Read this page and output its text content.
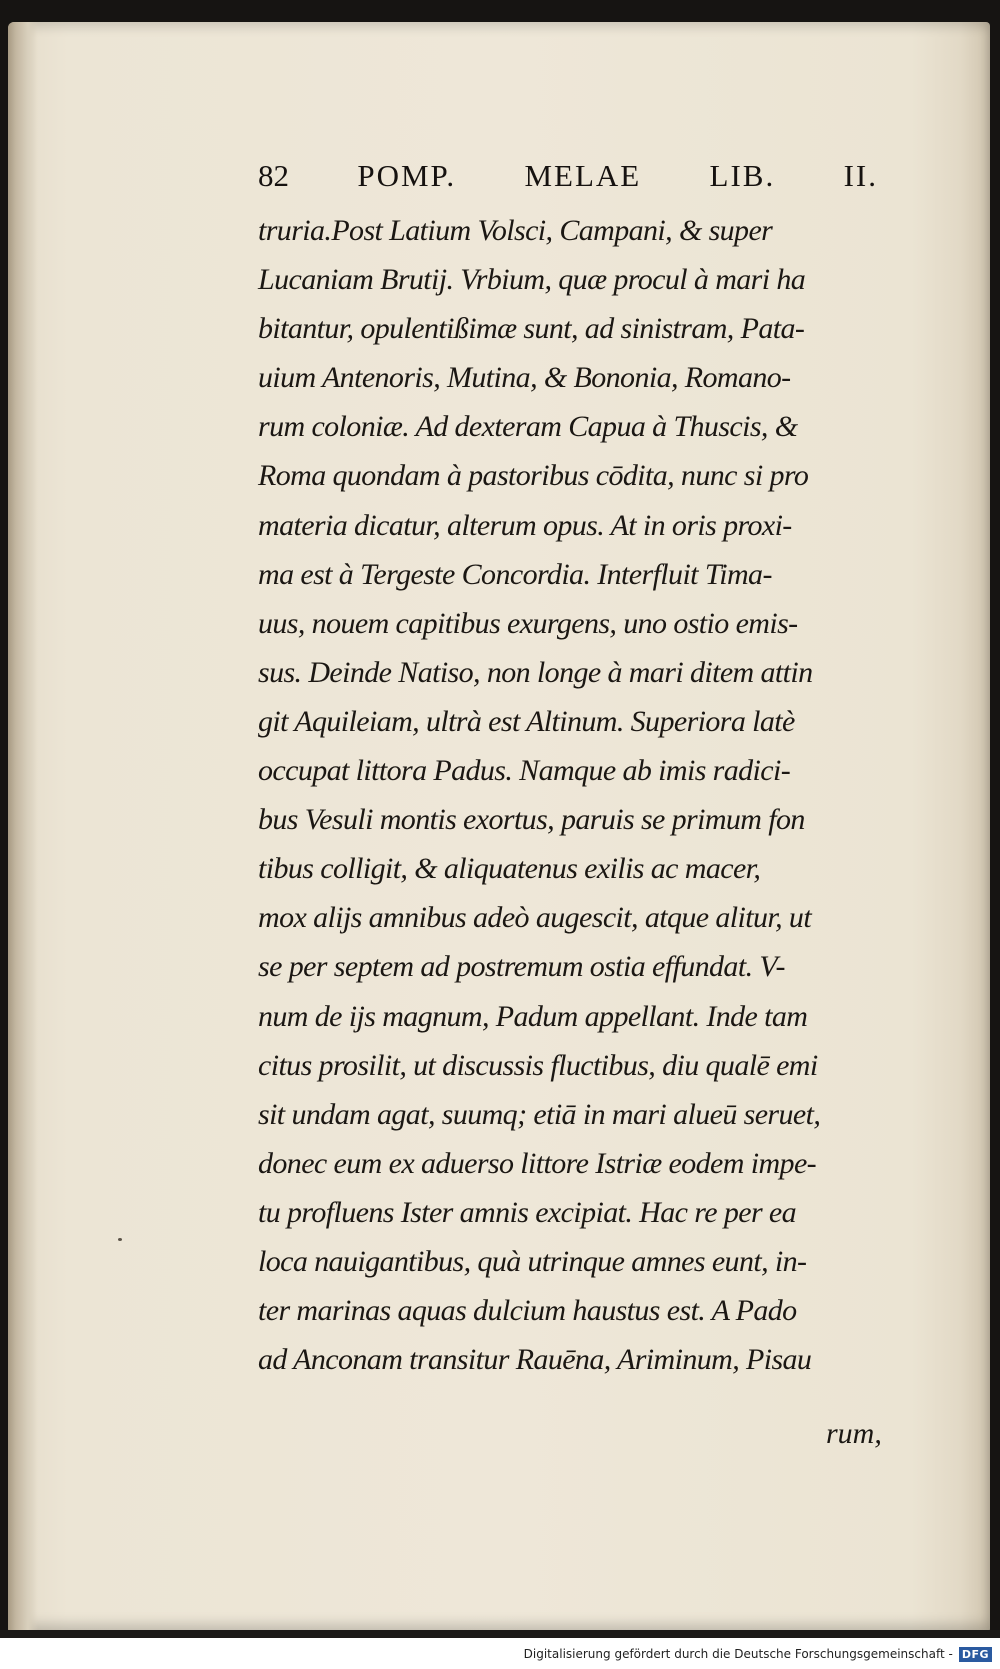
82 POMP. MELAE LIB. II.
truria.Post Latium Volsci, Campani, & super
Lucaniam Brutij. Vrbium, quæ procul à mari ha
bitantur, opulentißimæ sunt, ad sinistram, Pata-
uium Antenoris, Mutina, & Bononia, Romano-
rum coloniæ. Ad dexteram Capua à Thuscis, &
Roma quondam à pastoribus cōdita, nunc si pro
materia dicatur, alterum opus. At in oris proxi-
ma est à Tergeste Concordia. Interfluit Tima-
uus, nouem capitibus exurgens, uno ostio emis-
sus. Deinde Natiso, non longe à mari ditem attin
git Aquileiam, ultrà est Altinum. Superiora latè
occupat littora Padus. Namque ab imis radici-
bus Vesuli montis exortus, paruis se primum fon
tibus colligit, & aliquatenus exilis ac macer,
mox alijs amnibus adeò augescit, atque alitur, ut
se per septem ad postremum ostia effundat. V-
num de ijs magnum, Padum appellant. Inde tam
citus prosilit, ut discussis fluctibus, diu qualē emi
sit undam agat, suumq; etiā in mari alueū seruet,
donec eum ex aduerso littore Istriæ eodem impe-
tu profluens Ister amnis excipiat. Hac re per ea
loca nauigantibus, quà utrinque amnes eunt, in-
ter marinas aquas dulcium haustus est. A Pado
ad Anconam transitur Rauēna, Ariminum, Pisau
rum,
Digitalisierung gefördert durch die Deutsche Forschungsgemeinschaft - DFG
